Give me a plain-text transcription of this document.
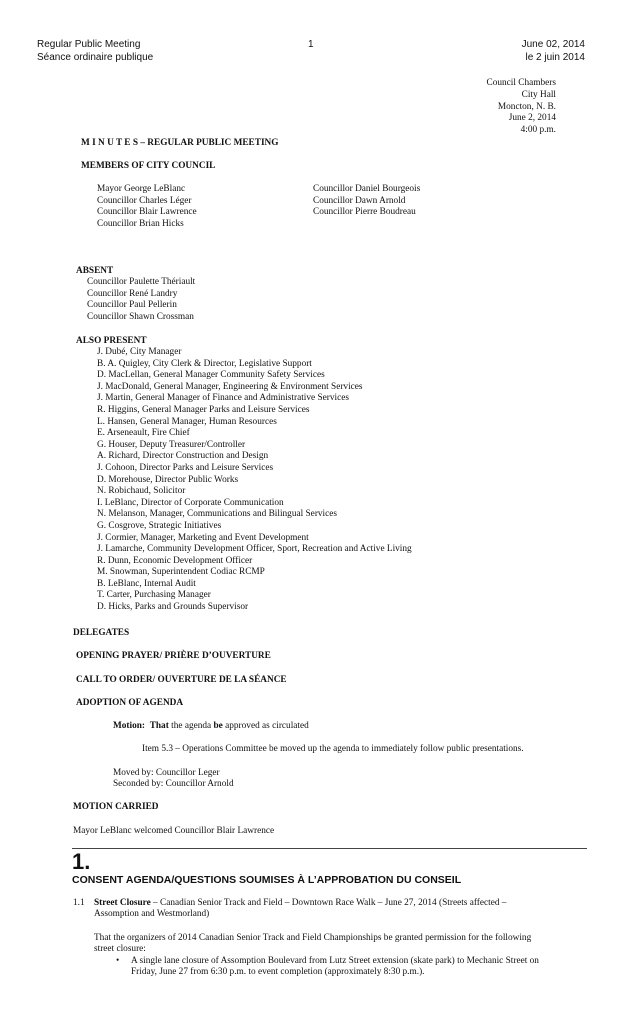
Regular Public Meeting
Séance ordinaire publique
1	June 02, 2014
le 2 juin 2014
Council Chambers
City Hall
Moncton, N. B.
June 2, 2014
4:00 p.m.
M I N U T E S – REGULAR PUBLIC MEETING
MEMBERS OF CITY COUNCIL
Mayor George LeBlanc
Councillor Charles Léger
Councillor Blair Lawrence
Councillor Brian Hicks
Councillor Daniel Bourgeois
Councillor Dawn Arnold
Councillor Pierre Boudreau
ABSENT
Councillor Paulette Thériault
Councillor René Landry
Councillor Paul Pellerin
Councillor Shawn Crossman
ALSO PRESENT
J. Dubé, City Manager
B. A. Quigley, City Clerk & Director, Legislative Support
D. MacLellan, General Manager Community Safety Services
J. MacDonald, General Manager, Engineering & Environment Services
J. Martin, General Manager of Finance and Administrative Services
R. Higgins, General Manager Parks and Leisure Services
L. Hansen, General Manager, Human Resources
E. Arseneault, Fire Chief
G. Houser, Deputy Treasurer/Controller
A. Richard, Director Construction and Design
J. Cohoon, Director Parks and Leisure Services
D. Morehouse, Director Public Works
N. Robichaud, Solicitor
I. LeBlanc, Director of Corporate Communication
N. Melanson, Manager, Communications and Bilingual Services
G. Cosgrove, Strategic Initiatives
J. Cormier, Manager, Marketing and Event Development
J. Lamarche, Community Development Officer, Sport, Recreation and Active Living
R. Dunn, Economic Development Officer
M. Snowman, Superintendent Codiac RCMP
B. LeBlanc, Internal Audit
T. Carter, Purchasing Manager
D. Hicks, Parks and Grounds Supervisor
DELEGATES
OPENING PRAYER/ PRIÈRE D’OUVERTURE
CALL TO ORDER/ OUVERTURE DE LA SÉANCE
ADOPTION OF AGENDA
Motion: That the agenda be approved as circulated
Item 5.3 – Operations Committee be moved up the agenda to immediately follow public presentations.
Moved by: Councillor Leger
Seconded by: Councillor Arnold
MOTION CARRIED
Mayor LeBlanc welcomed Councillor Blair Lawrence
1.
CONSENT AGENDA/QUESTIONS SOUMISES À L’APPROBATION DU CONSEIL
1.1 Street Closure – Canadian Senior Track and Field – Downtown Race Walk – June 27, 2014 (Streets affected –
Assomption and Westmorland)
That the organizers of 2014 Canadian Senior Track and Field Championships be granted permission for the following
street closure:
• A single lane closure of Assomption Boulevard from Lutz Street extension (skate park) to Mechanic Street on
Friday, June 27 from 6:30 p.m. to event completion (approximately 8:30 p.m.).
